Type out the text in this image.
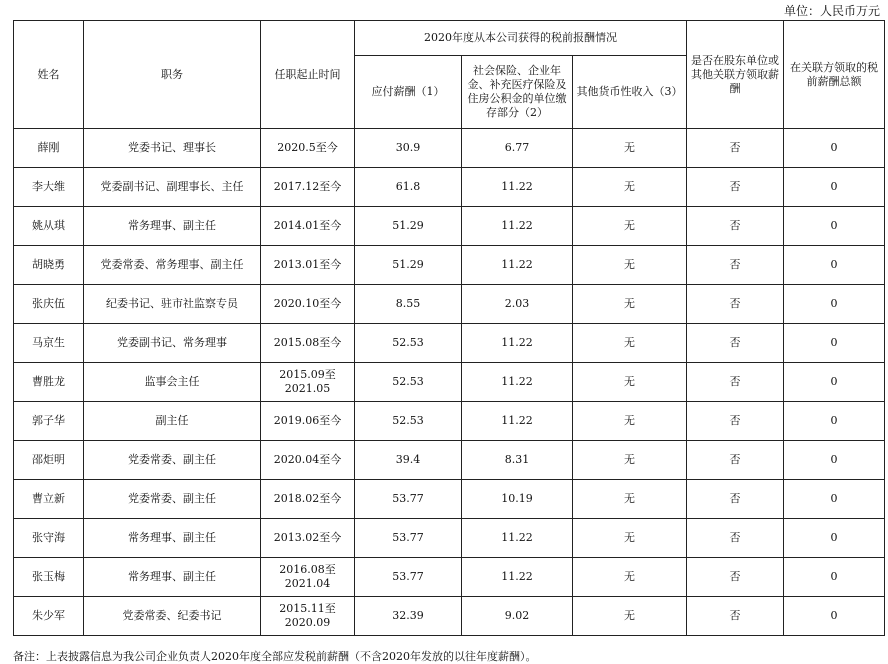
单位：人民币万元
姓名	职务	任职起止时间	2020年度从本公司获得的税前报酬情况			是否在股东单位或其他关联方领取薪酬	在关联方领取的税前薪酬总额
			应付薪酬（1）	社会保险、企业年金、补充医疗保险及住房公积金的单位缴存部分（2）	其他货币性收入（3）		
薛刚	党委书记、理事长	2020.5至今	30.9	6.77	无	否	0
李大维	党委副书记、副理事长、主任	2017.12至今	61.8	11.22	无	否	0
姚从琪	常务理事、副主任	2014.01至今	51.29	11.22	无	否	0
胡晓勇	党委常委、常务理事、副主任	2013.01至今	51.29	11.22	无	否	0
张庆伍	纪委书记、驻市社监察专员	2020.10至今	8.55	2.03	无	否	0
马京生	党委副书记、常务理事	2015.08至今	52.53	11.22	无	否	0
曹胜龙	监事会主任	2015.09至2021.05	52.53	11.22	无	否	0
郭子华	副主任	2019.06至今	52.53	11.22	无	否	0
邵炬明	党委常委、副主任	2020.04至今	39.4	8.31	无	否	0
曹立新	党委常委、副主任	2018.02至今	53.77	10.19	无	否	0
张守海	常务理事、副主任	2013.02至今	53.77	11.22	无	否	0
张玉梅	常务理事、副主任	2016.08至2021.04	53.77	11.22	无	否	0
朱少军	党委常委、纪委书记	2015.11至2020.09	32.39	9.02	无	否	0
备注：上表披露信息为我公司企业负责人2020年度全部应发税前薪酬（不含2020年发放的以往年度薪酬）。
